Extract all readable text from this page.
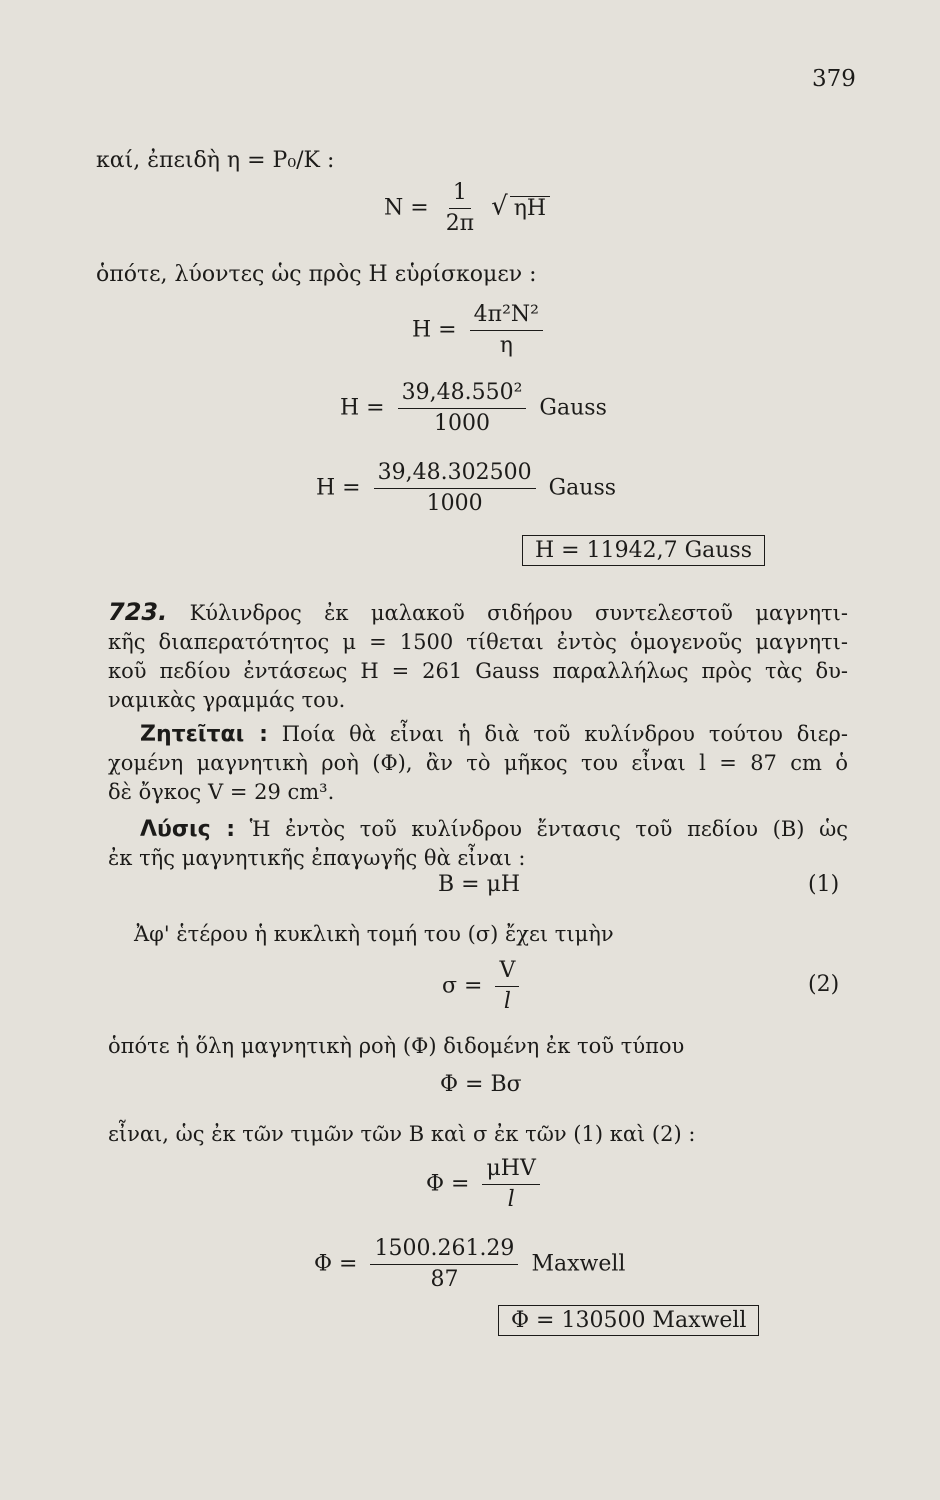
379
καί, ἐπειδὴ η = P₀/K :
$N = \frac{1}{2\pi}$ √ ηH
ὁπότε, λύοντες ὡς πρὸς H εὑρίσκομεν :
$H = \frac{\text{4π²N²}}{\eta}$
$H = \frac{\text{39,48.550²}}{1000}$ Gauss
$H = \frac{39,48.302500}{1000}$ Gauss
H = 11942,7 Gauss
723. Κύλινδρος ἐκ μαλακοῦ σιδήρου συντελεστοῦ μαγνητι-
κῆς διαπερατότητος μ = 1500 τίθεται ἐντὸς ὁμογενοῦς μαγνητι-
κοῦ πεδίου ἐντάσεως H = 261 Gauss παραλλήλως πρὸς τὰς δυ-
ναμικὰς γραμμάς του.
Ζητεῖται : Ποία θὰ εἶναι ἡ διὰ τοῦ κυλίνδρου τούτου διερ-
χομένη μαγνητικὴ ροὴ (Φ), ἂν τὸ μῆκος του εἶναι l = 87 cm ὁ
δὲ ὄγκος V = 29 cm³.
Λύσις : Ἡ ἐντὸς τοῦ κυλίνδρου ἔντασις τοῦ πεδίου (B) ὡς
ἐκ τῆς μαγνητικῆς ἐπαγωγῆς θὰ εἶναι :
B = μH	(1)
Ἀφ' ἑτέρου ἡ κυκλικὴ τομή του (σ) ἔχει τιμὴν
$\sigma = \frac{V}{l}$	(2)
ὁπότε ἡ ὅλη μαγνητικὴ ροὴ (Φ) διδομένη ἐκ τοῦ τύπου
Φ = Bσ
εἶναι, ὡς ἐκ τῶν τιμῶν τῶν B καὶ σ ἐκ τῶν (1) καὶ (2) :
$\Phi = \frac{\text{μHV}}{l}$
$\Phi = \frac{1500.261.29}{87}$ Maxwell
Φ = 130500 Maxwell
